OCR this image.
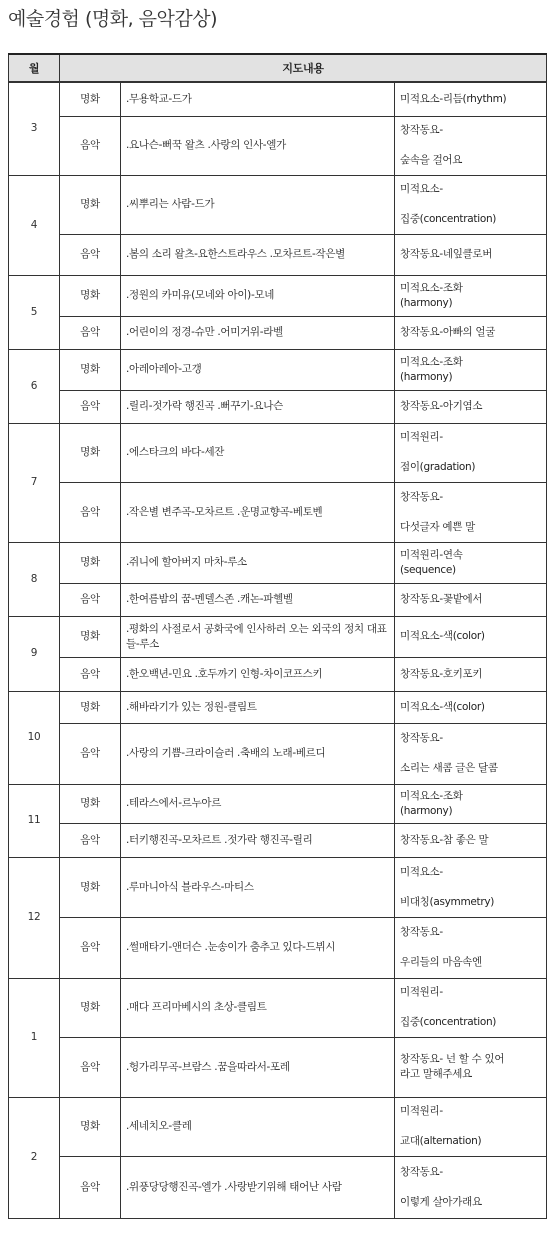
예술경험 (명화, 음악감상)
월	지도내용		
3	명화	.무용학교-드가	미적요소-리듬(rhythm)

	음악	.요나슨-뻐꾹 왈츠 .사랑의 인사-엘가	창작동요-
숲속을 걸어요

4	명화	.씨뿌리는 사람-드가	미적요소-
집중(concentration)

	음악	.봄의 소리 왈츠-요한스트라우스 .모차르트-작은별	창작동요-네잎클로버

5	명화	.정원의 카미유(모네와 아이)-모네	미적요소-조화
(harmony)

	음악	.어린이의 정경-슈만 .어미거위-라벨	창작동요-아빠의 얼굴

6	명화	.아레아레아-고갱	미적요소-조화
(harmony)

	음악	.릴리-젓가락 행진곡 .뻐꾸기-요나슨	창작동요-아기염소

7	명화	.에스타크의 바다-세잔	미적원리-
점이(gradation)

	음악	.작은별 변주곡-모차르트 .운명교향곡-베토벤	창작동요-
다섯글자 예쁜 말

8	명화	.쥐니에 할아버지 마차-루소	미적원리-연속
(sequence)

	음악	.한여름밤의 꿈-멘델스존 .캐논-파헬벨	창작동요-꽃밭에서

9	명화	.평화의 사절로서 공화국에 인사하러 오는 외국의 정치 대표들-루소	미적요소-색(color)

	음악	.한오백년-민요 .호두까기 인형-차이코프스키	창작동요-호키포키

10	명화	.해바라기가 있는 정원-클림트	미적요소-색(color)

	음악	.사랑의 기쁨-크라이슬러 .축배의 노래-베르디	창작동요-
소리는 새콤 글은 달콤

11	명화	.테라스에서-르누아르	미적요소-조화
(harmony)

	음악	.터키행진곡-모차르트 .젓가락 행진곡-릴리	창작동요-참 좋은 말

12	명화	.루마니아식 블라우스-마티스	미적요소-
비대칭(asymmetry)

	음악	.썰매타기-앤더슨 .눈송이가 춤추고 있다-드뷔시	창작동요-
우리들의 마음속엔

1	명화	.매다 프리마베시의 초상-클림트	미적원리-
집중(concentration)

	음악	.헝가리무곡-브람스 .꿈을따라서-포레	창작동요- 넌 할 수 있어
라고 말해주세요

2	명화	.세네치오-클레	미적원리-
교대(alternation)

	음악	.위풍당당행진곡-엘가 .사랑받기위해 태어난 사람	창작동요-
이렇게 살아가래요
